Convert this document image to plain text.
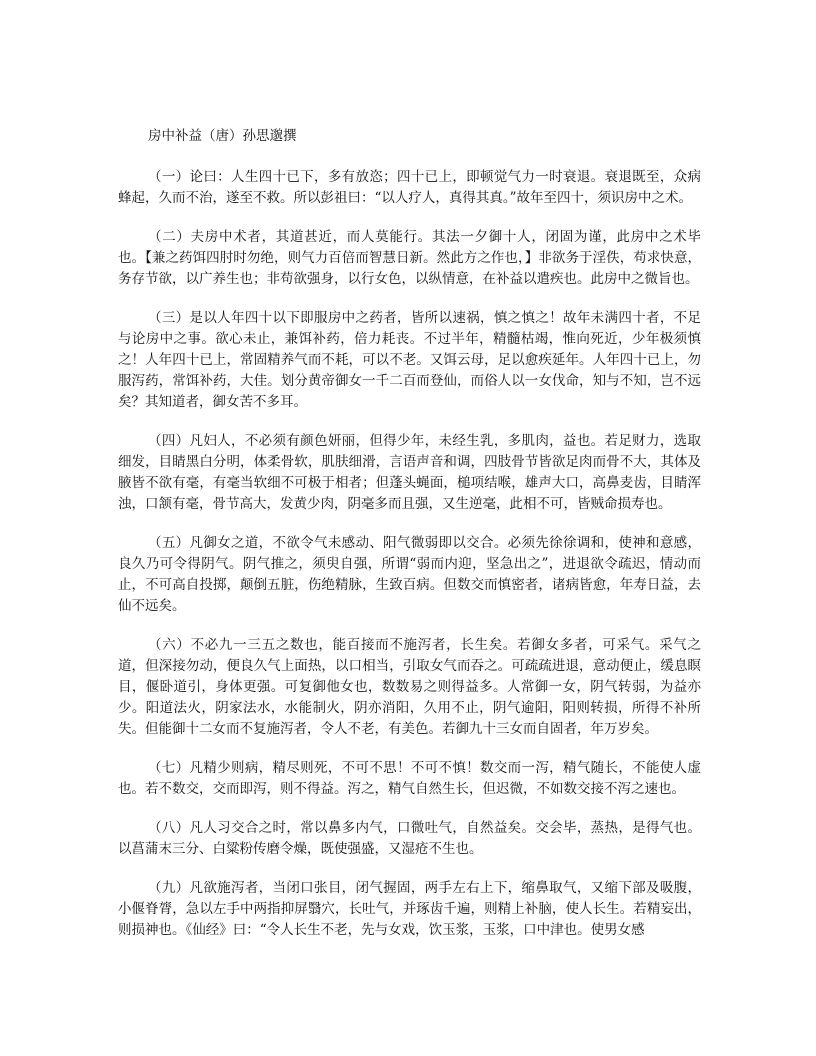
房中补益（唐）孙思邈撰

（一）论曰：人生四十已下，多有放恣；四十已上，即顿觉气力一时衰退。衰退既至，众病蜂起，久而不治，遂至不救。所以彭祖曰：“以人疗人，真得其真。”故年至四十，须识房中之术。

（二）夫房中术者，其道甚近，而人莫能行。其法一夕御十人，闭固为谨，此房中之术毕也。【兼之药饵四肘时勿绝，则气力百倍而智慧日新。然此方之作也，】非欲务于淫佚，苟求快意，务存节欲，以广养生也；非苟欲强身，以行女色，以纵情意，在补益以遣疾也。此房中之微旨也。

（三）是以人年四十以下即服房中之药者，皆所以速祸，慎之慎之！故年未满四十者，不足与论房中之事。欲心未止，兼饵补药，倍力耗丧。不过半年，精髓枯竭，惟向死近，少年极须慎之！人年四十已上，常固精养气而不耗，可以不老。又饵云母，足以愈疾延年。人年四十已上，勿服泻药，常饵补药，大佳。划分黄帝御女一千二百而登仙，而俗人以一女伐命，知与不知，岂不远矣？其知道者，御女苦不多耳。

（四）凡妇人，不必须有颜色妍丽，但得少年，未经生乳，多肌肉，益也。若足财力，选取细发，目睛黑白分明，体柔骨软，肌肤细滑，言语声音和调，四肢骨节皆欲足肉而骨不大，其体及腋皆不欲有毫，有毫当软细不可极于相者；但蓬头蝇面，槌项结喉，雄声大口，高鼻麦齿，目睛浑浊，口颔有毫，骨节高大，发黄少肉，阴毫多而且强，又生逆毫，此相不可，皆贼命损寿也。

（五）凡御女之道，不欲令气未感动、阳气微弱即以交合。必须先徐徐调和，使神和意感，良久乃可令得阴气。阴气推之，须臾自强，所谓“弱而内迎，坚急出之”，进退欲令疏迟，情动而止，不可高自投掷，颠倒五脏，伤绝精脉，生致百病。但数交而慎密者，诸病皆愈，年寿日益，去仙不远矣。

（六）不必九一三五之数也，能百接而不施泻者，长生矣。若御女多者，可采气。采气之道，但深接勿动，便良久气上面热，以口相当，引取女气而吞之。可疏疏进退，意动便止，缓息瞑目，偃卧道引，身体更强。可复御他女也，数数易之则得益多。人常御一女，阴气转弱，为益亦少。阳道法火，阴家法水，水能制火，阴亦消阳，久用不止，阴气逾阳，阳则转损，所得不补所失。但能御十二女而不复施泻者，令人不老，有美色。若御九十三女而自固者，年万岁矣。

（七）凡精少则病，精尽则死，不可不思！不可不慎！数交而一泻，精气随长，不能使人虚也。若不数交，交而即泻，则不得益。泻之，精气自然生长，但迟微，不如数交接不泻之速也。

（八）凡人习交合之时，常以鼻多内气，口微吐气，自然益矣。交会毕，蒸热，是得气也。以菖蒲末三分、白粱粉传磨令燥，既使强盛，又湿疮不生也。

（九）凡欲施泻者，当闭口张目，闭气握固，两手左右上下，缩鼻取气，又缩下部及吸腹，小偃脊膂，急以左手中两指抑屏翳穴，长吐气，并琢齿千遍，则精上补脑，使人长生。若精妄出，则损神也。《仙经》曰：“令人长生不老，先与女戏，饮玉浆，玉浆，口中津也。使男女感
